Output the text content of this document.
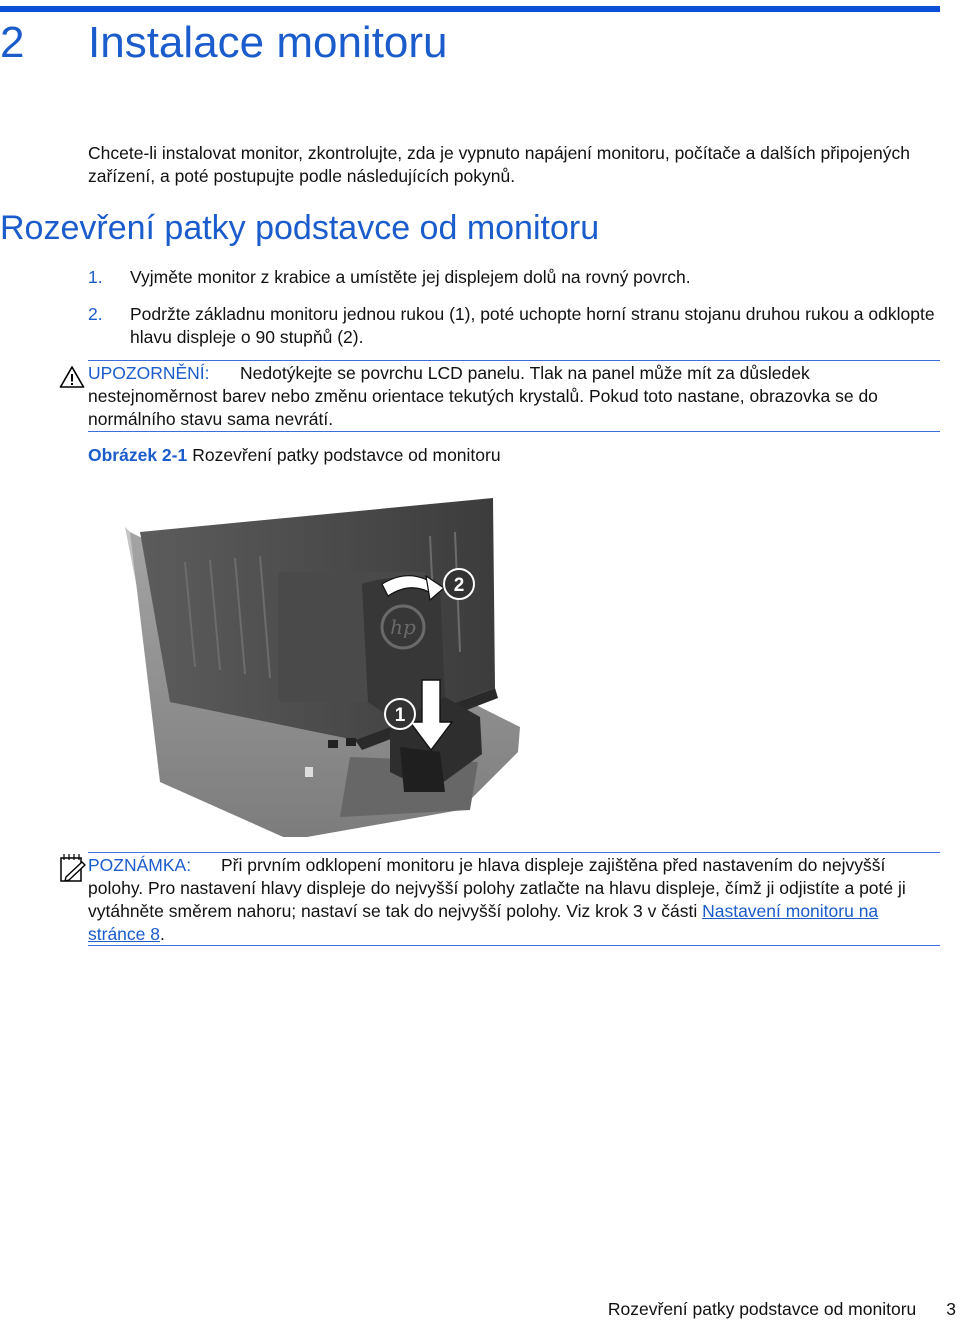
2 Instalace monitoru

Chcete-li instalovat monitor, zkontrolujte, zda je vypnuto napájení monitoru, počítače a dalších připojených zařízení, a poté postupujte podle následujících pokynů.

Rozevření patky podstavce od monitoru
1. Vyjměte monitor z krabice a umístěte jej displejem dolů na rovný povrch.
2. Podržte základnu monitoru jednou rukou (1), poté uchopte horní stranu stojanu druhou rukou a odklopte hlavu displeje o 90 stupňů (2).

UPOZORNĚNÍ: Nedotýkejte se povrchu LCD panelu. Tlak na panel může mít za důsledek nestejnoměrnost barev nebo změnu orientace tekutých krystalů. Pokud toto nastane, obrazovka se do normálního stavu sama nevrátí.

Obrázek 2-1 Rozevření patky podstavce od monitoru

hp
2
1

POZNÁMKA: Při prvním odklopení monitoru je hlava displeje zajištěna před nastavením do nejvyšší polohy. Pro nastavení hlavy displeje do nejvyšší polohy zatlačte na hlavu displeje, čímž ji odjistíte a poté ji vytáhněte směrem nahoru; nastaví se tak do nejvyšší polohy. Viz krok 3 v části Nastavení monitoru na stránce 8.

Rozevření patky podstavce od monitoru 3
